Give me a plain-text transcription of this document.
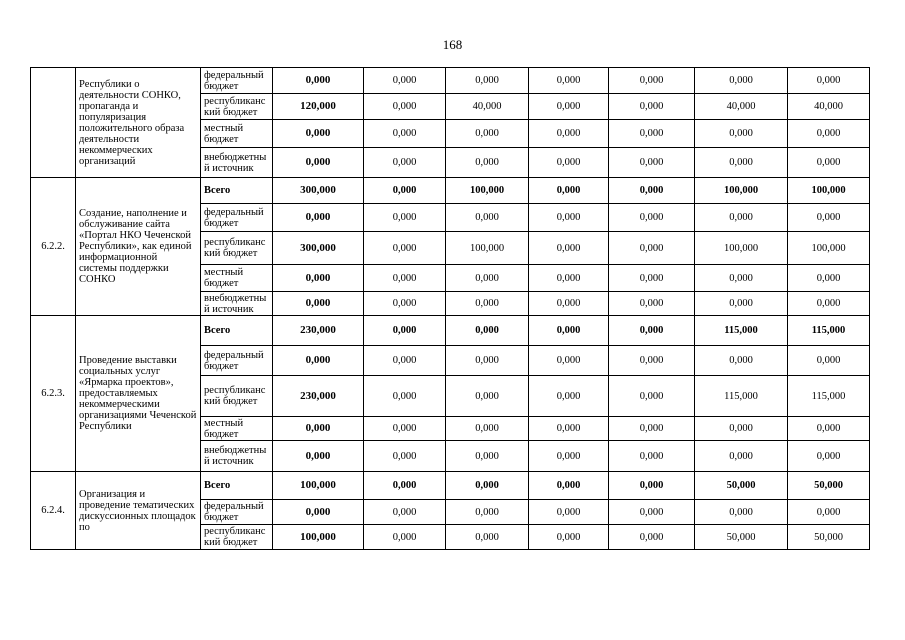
168
	Республики о деятельности СОНКО, пропаганда и популяризация положительного образа деятельности некоммерческих организаций	федеральный бюджет	0,000	0,000	0,000	0,000	0,000	0,000	0,000
		республиканс кий бюджет	120,000	0,000	40,000	0,000	0,000	40,000	40,000
		местный бюджет	0,000	0,000	0,000	0,000	0,000	0,000	0,000
		внебюджетны й источник	0,000	0,000	0,000	0,000	0,000	0,000	0,000
6.2.2.	Создание, наполнение и обслуживание сайта «Портал НКО Чеченской Республики», как единой информационной системы поддержки СОНКО	Всего	300,000	0,000	100,000	0,000	0,000	100,000	100,000
		федеральный бюджет	0,000	0,000	0,000	0,000	0,000	0,000	0,000
		республиканс кий бюджет	300,000	0,000	100,000	0,000	0,000	100,000	100,000
		местный бюджет	0,000	0,000	0,000	0,000	0,000	0,000	0,000
		внебюджетны й источник	0,000	0,000	0,000	0,000	0,000	0,000	0,000
6.2.3.	Проведение выставки социальных услуг «Ярмарка проектов», предоставляемых некоммерческими организациями Чеченской Республики	Всего	230,000	0,000	0,000	0,000	0,000	115,000	115,000
		федеральный бюджет	0,000	0,000	0,000	0,000	0,000	0,000	0,000
		республиканс кий бюджет	230,000	0,000	0,000	0,000	0,000	115,000	115,000
		местный бюджет	0,000	0,000	0,000	0,000	0,000	0,000	0,000
		внебюджетны й источник	0,000	0,000	0,000	0,000	0,000	0,000	0,000
6.2.4.	Организация и проведение тематических дискуссионных площадок по	Всего	100,000	0,000	0,000	0,000	0,000	50,000	50,000
		федеральный бюджет	0,000	0,000	0,000	0,000	0,000	0,000	0,000
		республиканс кий бюджет	100,000	0,000	0,000	0,000	0,000	50,000	50,000
